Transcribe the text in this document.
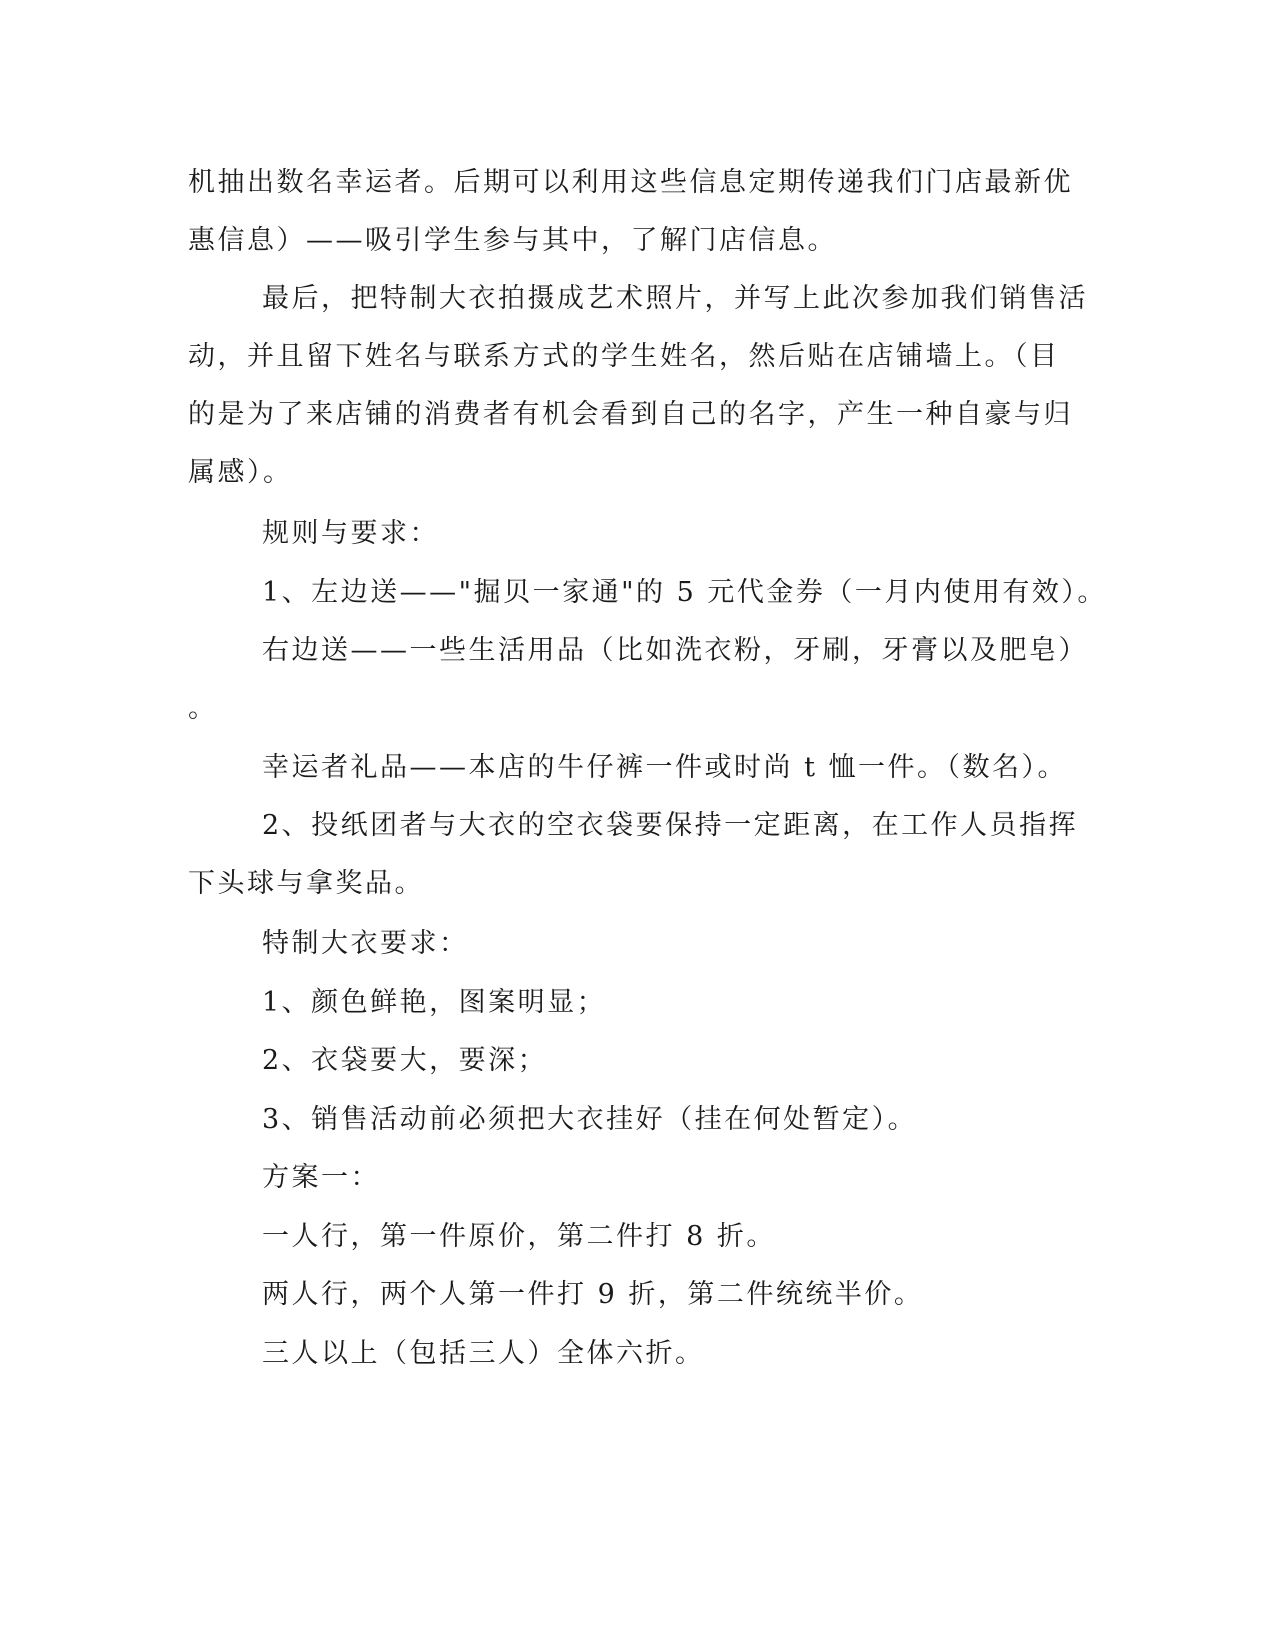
机抽出数名幸运者。后期可以利用这些信息定期传递我们门店最新优
惠信息）——吸引学生参与其中，了解门店信息。
最后，把特制大衣拍摄成艺术照片，并写上此次参加我们销售活
动，并且留下姓名与联系方式的学生姓名，然后贴在店铺墙上。（目
的是为了来店铺的消费者有机会看到自己的名字，产生一种自豪与归
属感）。
规则与要求：
1、左边送——"掘贝一家通"的 5 元代金券（一月内使用有效）。
右边送——一些生活用品（比如洗衣粉，牙刷，牙膏以及肥皂）
。
幸运者礼品——本店的牛仔裤一件或时尚 t 恤一件。（数名）。
2、投纸团者与大衣的空衣袋要保持一定距离，在工作人员指挥
下头球与拿奖品。
特制大衣要求：
1、颜色鲜艳，图案明显；
2、衣袋要大，要深；
3、销售活动前必须把大衣挂好（挂在何处暂定）。
方案一：
一人行，第一件原价，第二件打 8 折。
两人行，两个人第一件打 9 折，第二件统统半价。
三人以上（包括三人）全体六折。
